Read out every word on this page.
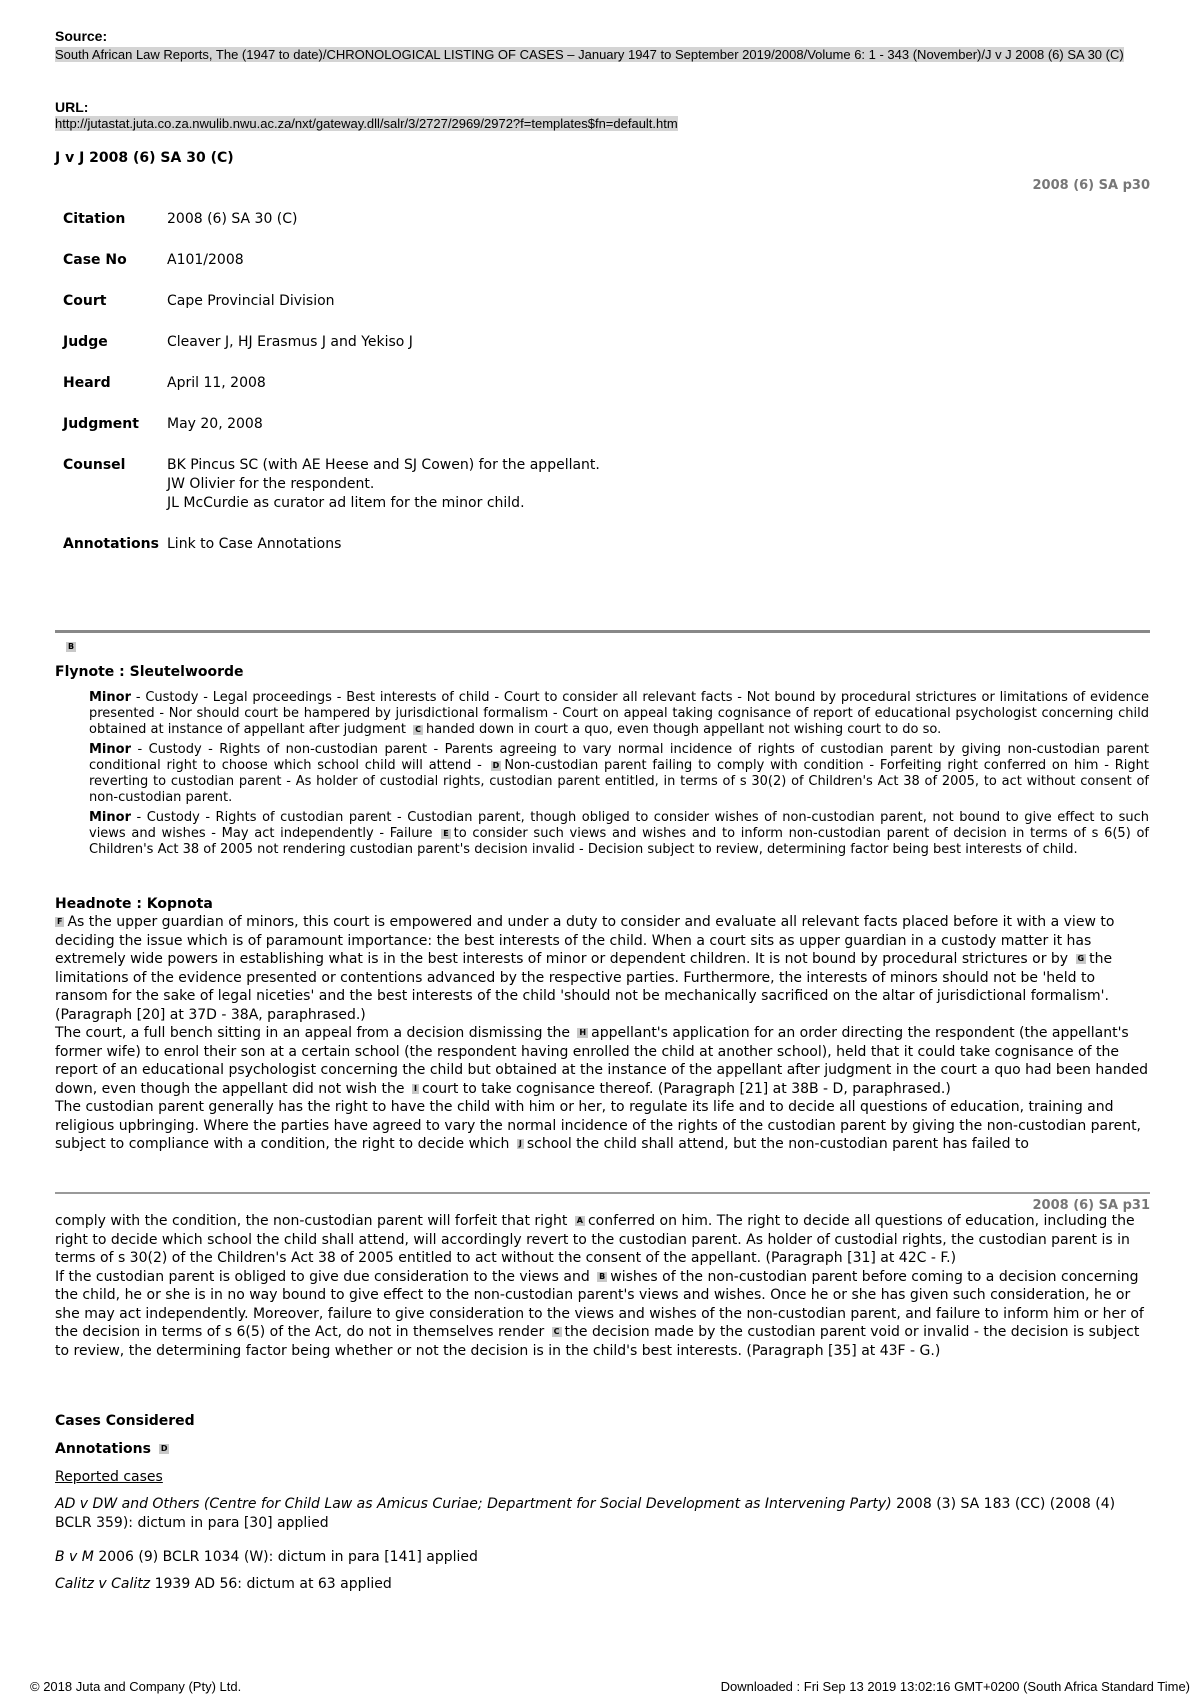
Source:
South African Law Reports, The (1947 to date)/CHRONOLOGICAL LISTING OF CASES – January 1947 to September 2019/2008/Volume 6: 1 - 343 (November)/J v J 2008 (6) SA 30 (C)
URL:
http://jutastat.juta.co.za.nwulib.nwu.ac.za/nxt/gateway.dll/salr/3/2727/2969/2972?f=templates$fn=default.htm
J v J 2008 (6) SA 30 (C)
2008 (6) SA p30
Citation	2008 (6) SA 30 (C)
Case No	A101/2008
Court	Cape Provincial Division
Judge	Cleaver J, HJ Erasmus J and Yekiso J
Heard	April 11, 2008
Judgment	May 20, 2008
Counsel	BK Pincus SC (with AE Heese and SJ Cowen) for the appellant.
JW Olivier for the respondent.
JL McCurdie as curator ad litem for the minor child.

Annotations	Link to Case Annotations
B
Flynote : Sleutelwoorde

Minor - Custody - Legal proceedings - Best interests of child - Court to consider all relevant facts - Not bound by procedural strictures or limitations of evidence presented - Nor should court be hampered by jurisdictional formalism - Court on appeal taking cognisance of report of educational psychologist concerning child obtained at instance of appellant after judgment C handed down in court a quo, even though appellant not wishing court to do so.

Minor - Custody - Rights of non-custodian parent - Parents agreeing to vary normal incidence of rights of custodian parent by giving non-custodian parent conditional right to choose which school child will attend - D Non-custodian parent failing to comply with condition - Forfeiting right conferred on him - Right reverting to custodian parent - As holder of custodial rights, custodian parent entitled, in terms of s 30(2) of Children's Act 38 of 2005, to act without consent of non-custodian parent.

Minor - Custody - Rights of custodian parent - Custodian parent, though obliged to consider wishes of non-custodian parent, not bound to give effect to such views and wishes - May act independently - Failure E to consider such views and wishes and to inform non-custodian parent of decision in terms of s 6(5) of Children's Act 38 of 2005 not rendering custodian parent's decision invalid - Decision subject to review, determining factor being best interests of child.

Headnote : Kopnota

F As the upper guardian of minors, this court is empowered and under a duty to consider and evaluate all relevant facts placed before it with a view to deciding the issue which is of paramount importance: the best interests of the child. When a court sits as upper guardian in a custody matter it has extremely wide powers in establishing what is in the best interests of minor or dependent children. It is not bound by procedural strictures or by G the limitations of the evidence presented or contentions advanced by the respective parties. Furthermore, the interests of minors should not be 'held to ransom for the sake of legal niceties' and the best interests of the child 'should not be mechanically sacrificed on the altar of jurisdictional formalism'. (Paragraph [20] at 37D - 38A, paraphrased.)

The court, a full bench sitting in an appeal from a decision dismissing the H appellant's application for an order directing the respondent (the appellant's former wife) to enrol their son at a certain school (the respondent having enrolled the child at another school), held that it could take cognisance of the report of an educational psychologist concerning the child but obtained at the instance of the appellant after judgment in the court a quo had been handed down, even though the appellant did not wish the I court to take cognisance thereof. (Paragraph [21] at 38B - D, paraphrased.)

The custodian parent generally has the right to have the child with him or her, to regulate its life and to decide all questions of education, training and religious upbringing. Where the parties have agreed to vary the normal incidence of the rights of the custodian parent by giving the non-custodian parent, subject to compliance with a condition, the right to decide which J school the child shall attend, but the non-custodian parent has failed to

2008 (6) SA p31

comply with the condition, the non-custodian parent will forfeit that right A conferred on him. The right to decide all questions of education, including the right to decide which school the child shall attend, will accordingly revert to the custodian parent. As holder of custodial rights, the custodian parent is in terms of s 30(2) of the Children's Act 38 of 2005 entitled to act without the consent of the appellant. (Paragraph [31] at 42C - F.)

If the custodian parent is obliged to give due consideration to the views and B wishes of the non-custodian parent before coming to a decision concerning the child, he or she is in no way bound to give effect to the non-custodian parent's views and wishes. Once he or she has given such consideration, he or she may act independently. Moreover, failure to give consideration to the views and wishes of the non-custodian parent, and failure to inform him or her of the decision in terms of s 6(5) of the Act, do not in themselves render C the decision made by the custodian parent void or invalid - the decision is subject to review, the determining factor being whether or not the decision is in the child's best interests. (Paragraph [35] at 43F - G.)

Cases Considered
Annotations D
Reported cases
AD v DW and Others (Centre for Child Law as Amicus Curiae; Department for Social Development as Intervening Party) 2008 (3) SA 183 (CC) (2008 (4) BCLR 359): dictum in para [30] applied
B v M 2006 (9) BCLR 1034 (W): dictum in para [141] applied
Calitz v Calitz 1939 AD 56: dictum at 63 applied
© 2018 Juta and Company (Pty) Ltd.	Downloaded : Fri Sep 13 2019 13:02:16 GMT+0200 (South Africa Standard Time)
